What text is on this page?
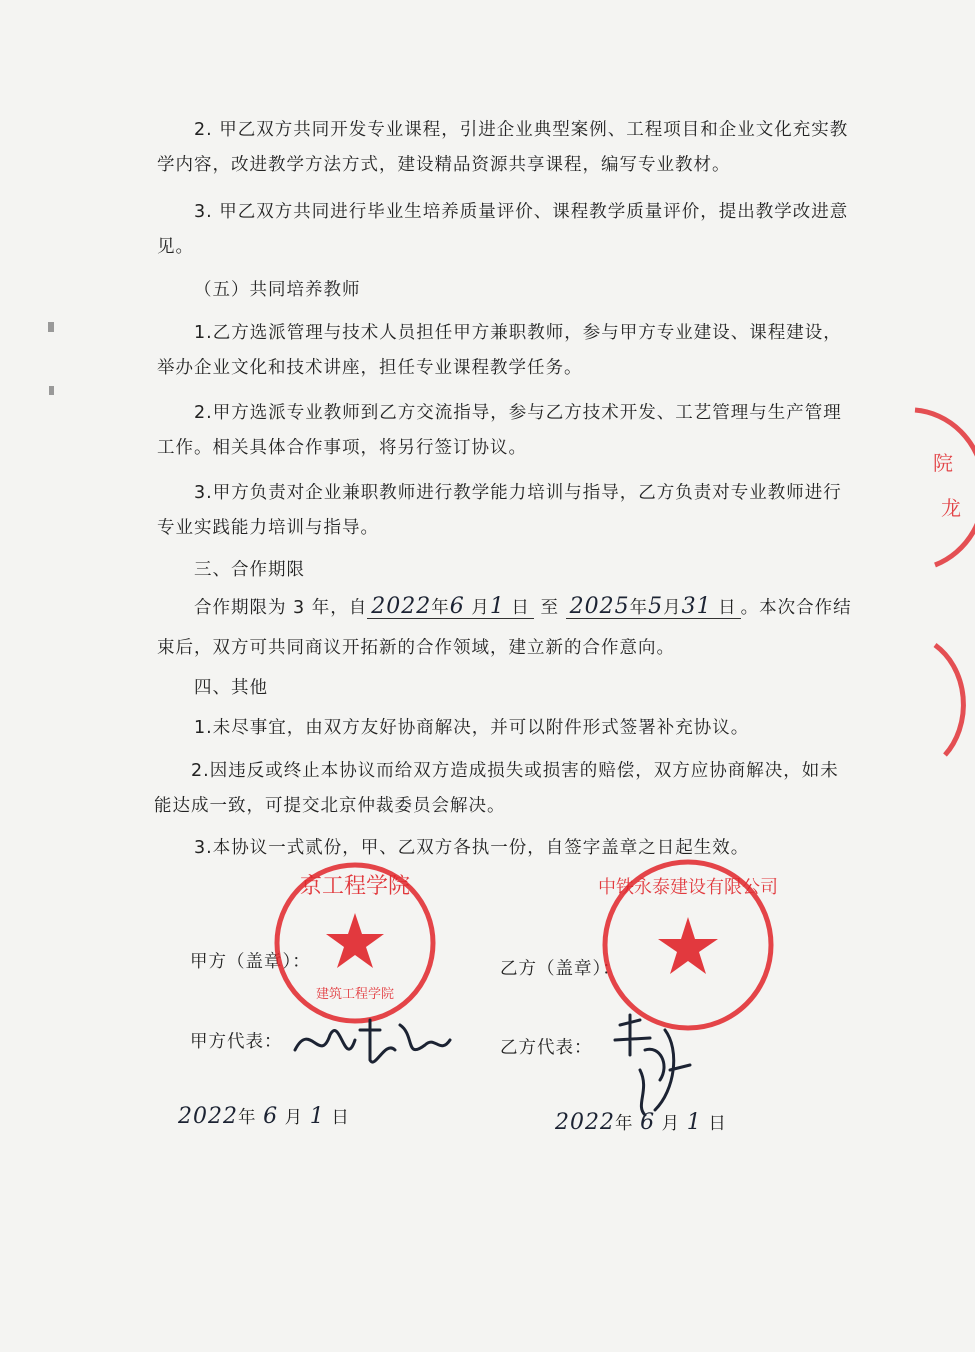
2. 甲乙双方共同开发专业课程，引进企业典型案例、工程项目和企业文化充实教学内容，改进教学方法方式，建设精品资源共享课程，编写专业教材。

3. 甲乙双方共同进行毕业生培养质量评价、课程教学质量评价，提出教学改进意见。

（五）共同培养教师

1.乙方选派管理与技术人员担任甲方兼职教师，参与甲方专业建设、课程建设，举办企业文化和技术讲座，担任专业课程教学任务。

2.甲方选派专业教师到乙方交流指导，参与乙方技术开发、工艺管理与生产管理工作。相关具体合作事项，将另行签订协议。

3.甲方负责对企业兼职教师进行教学能力培训与指导，乙方负责对专业教师进行专业实践能力培训与指导。

三、合作期限

合作期限为 3 年，自 2022年6 月1 日 至 2025年5月31 日 。本次合作结

束后，双方可共同商议开拓新的合作领域，建立新的合作意向。

四、其他

1.未尽事宜，由双方友好协商解决，并可以附件形式签署补充协议。

2.因违反或终止本协议而给双方造成损失或损害的赔偿，双方应协商解决，如未能达成一致，可提交北京仲裁委员会解决。

3.本协议一式贰份，甲、乙双方各执一份，自签字盖章之日起生效。

甲方（盖章）：	乙方（盖章）：

甲方代表：	乙方代表：

2022年 6 月 1 日	2022年 6 月 1 日
京工程学院
建筑工程学院
中铁永泰建设有限公司
院
龙
